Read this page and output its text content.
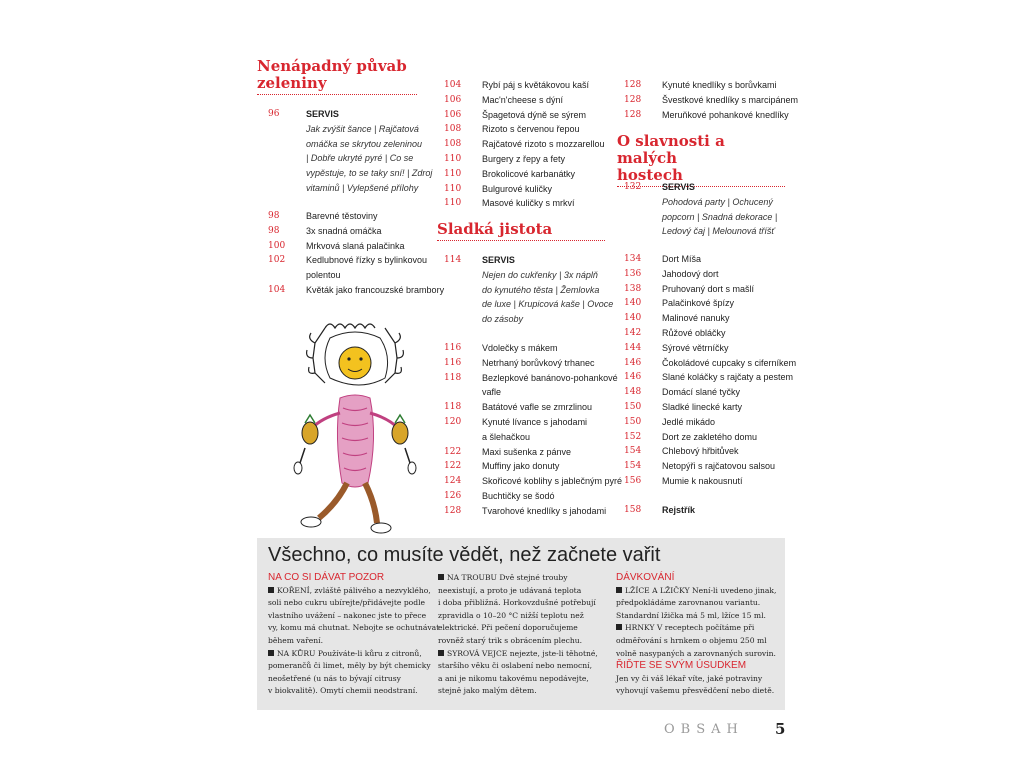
Nenápadný půvab
zeleniny
96	SERVIS
Jak zvýšit šance | Rajčatová
omáčka se skrytou zeleninou
| Dobře ukryté pyré | Co se
vypěstuje, to se taky sní! | Zdroj
vitaminů | Vylepšené přílohy
98	Barevné těstoviny
98	3x snadná omáčka
100	Mrkvová slaná palačinka
102	Kedlubnové řízky s bylinkovou
polentou
104	Květák jako francouzské brambory
104	Rybí páj s květákovou kaší
106	Mac'n'cheese s dýní
106	Špagetová dýně se sýrem
108	Rizoto s červenou řepou
108	Rajčatové rizoto s mozzarellou
110	Burgery z řepy a fety
110	Brokolicové karbanátky
110	Bulgurové kuličky
110	Masové kuličky s mrkví
Sladká jistota
114 SERVIS
Nejen do cukřenky | 3x náplň
do kynutého těsta | Žemlovka
de luxe | Krupicová kaše | Ovoce
do zásoby
116	Vdolečky s mákem
116	Netrhaný borůvkový trhanec
118	Bezlepkové banánovo-pohankové
vafle
118	Batátové vafle se zmrzlinou
120	Kynuté lívance s jahodami
a šlehačkou
122	Maxi sušenka z pánve
122	Muffiny jako donuty
124	Skořicové koblihy s jablečným pyré
126	Buchtičky se šodó
128	Tvarohové knedlíky s jahodami
128	Kynuté knedlíky s borůvkami
128	Švestkové knedlíky s marcipánem
128	Meruňkové pohankové knedlíky
O slavnosti a malých
hostech
132 SERVIS
Pohodová party | Ochucený
popcorn | Snadná dekorace |
Ledový čaj | Melounová tříšť
134	Dort Míša
136	Jahodový dort
138	Pruhovaný dort s mašlí
140	Palačinkové špízy
140	Malinové nanuky
142	Růžové obláčky
144	Sýrové větrníčky
146	Čokoládové cupcaky s ciferníkem
146	Slané koláčky s rajčaty a pestem
148	Domácí slané tyčky
150	Sladké linecké karty
150	Jedlé mikádo
152	Dort ze zakletého domu
154	Chlebový hřbitůvek
154	Netopýři s rajčatovou salsou
156	Mumie k nakousnutí
158 Rejstřík
Všechno, co musíte vědět, než začnete vařit
NA CO SI DÁVAT POZOR
KOŘENÍ, zvláště pálivého a nezvyklého,
soli nebo cukru ubírejte/přidávejte podle
vlastního uvážení – nakonec jste to přece
vy, komu má chutnat. Nebojte se ochutnávat
během vaření.
NA KŮRU Používáte-li kůru z citronů,
pomerančů či limet, měly by být chemicky
neošetřené (u nás to bývají citrusy
v biokvalitě). Omytí chemii neodstraní.
NA TROUBU Dvě stejné trouby
neexistují, a proto je udávaná teplota
i doba přibližná. Horkovzdušné potřebují
zpravidla o 10–20 °C nižší teplotu než
elektrické. Při pečení doporučujeme
rovněž starý trik s obrácením plechu.
SYROVÁ VEJCE nejezte, jste-li těhotné,
staršího věku či oslabení nebo nemocní,
a ani je nikomu takovému nepodávejte,
stejně jako malým dětem.
DÁVKOVÁNÍ
LŽÍCE A LŽIČKY Není-li uvedeno jinak,
předpokládáme zarovnanou variantu.
Standardní lžička má 5 ml, lžíce 15 ml.
HRNKY V receptech počítáme při
odměřování s hrnkem o objemu 250 ml
volně nasypaných a zarovnaných surovin.
ŘIĎTE SE SVÝM ÚSUDKEM
Jen vy či váš lékař víte, jaké potraviny
vyhovují vašemu přesvědčení nebo dietě.
OBSAH 5
